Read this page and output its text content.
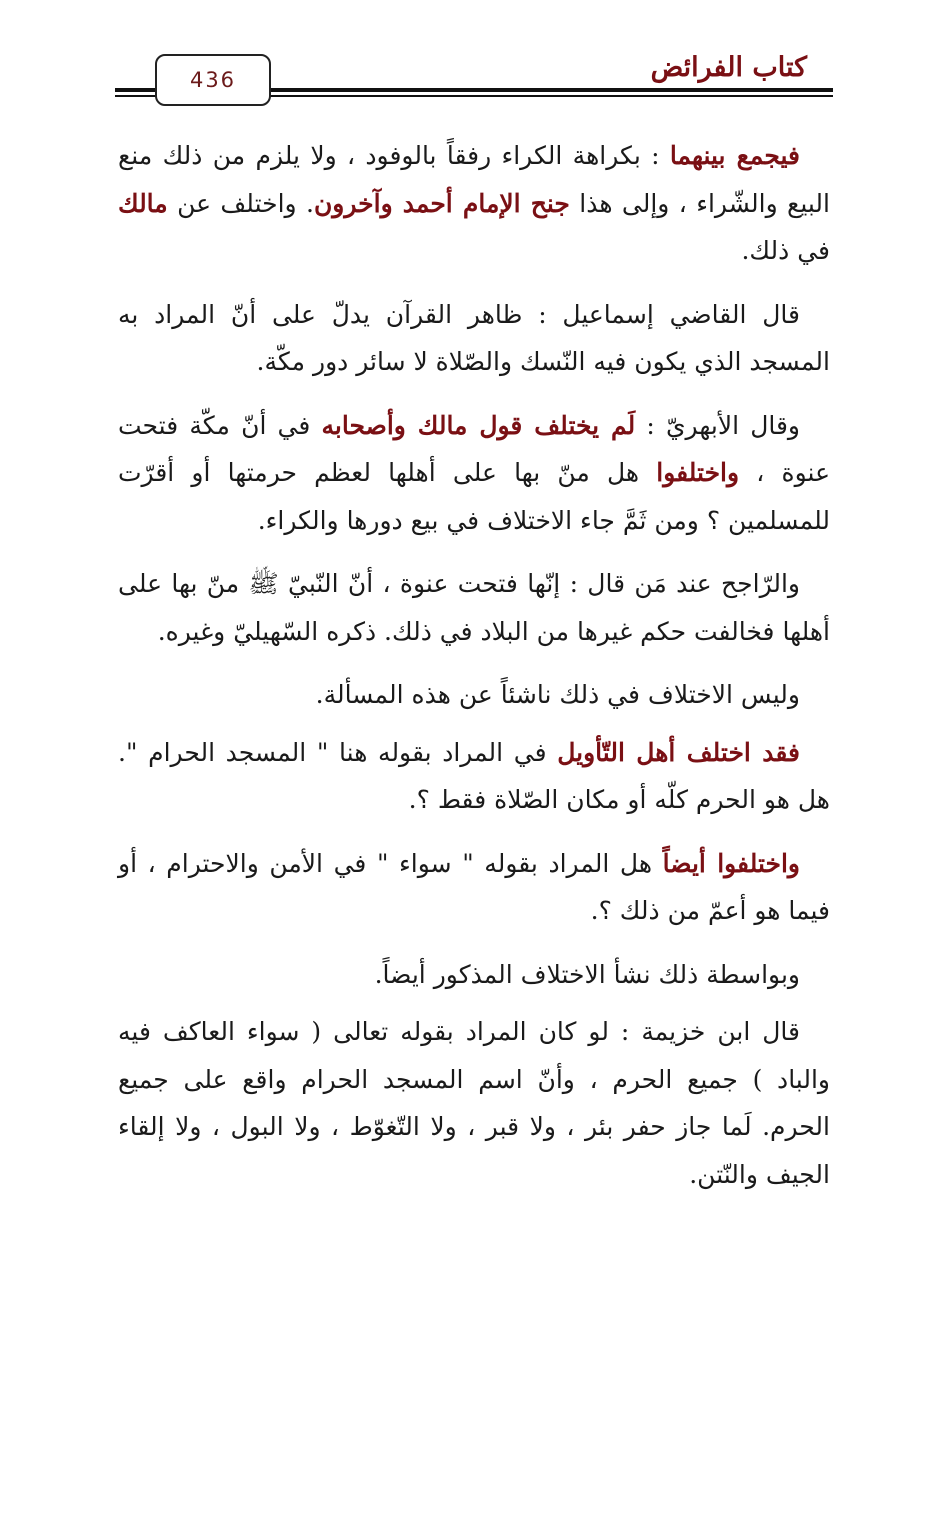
كتاب الفرائض
436

فيجمع بينهما : بكراهة الكراء رفقاً بالوفود ، ولا يلزم من ذلك منع البيع والشّراء ، وإلى هذا جنح الإمام أحمد وآخرون. واختلف عن مالك في ذلك.

قال القاضي إسماعيل : ظاهر القرآن يدلّ على أنّ المراد به المسجد الذي يكون فيه النّسك والصّلاة لا سائر دور مكّة.

وقال الأبهريّ : لَم يختلف قول مالك وأصحابه في أنّ مكّة فتحت عنوة ، واختلفوا هل منّ بها على أهلها لعظم حرمتها أو أقرّت للمسلمين ؟ ومن ثَمَّ جاء الاختلاف في بيع دورها والكراء.

والرّاجح عند مَن قال : إنّها فتحت عنوة ، أنّ النّبيّ ﷺ منّ بها على أهلها فخالفت حكم غيرها من البلاد في ذلك. ذكره السّهيليّ وغيره.

وليس الاختلاف في ذلك ناشئاً عن هذه المسألة.

فقد اختلف أهل التّأويل في المراد بقوله هنا " المسجد الحرام ". هل هو الحرم كلّه أو مكان الصّلاة فقط ؟.

واختلفوا أيضاً هل المراد بقوله " سواء " في الأمن والاحترام ، أو فيما هو أعمّ من ذلك ؟.

وبواسطة ذلك نشأ الاختلاف المذكور أيضاً.

قال ابن خزيمة : لو كان المراد بقوله تعالى ( سواء العاكف فيه والباد ) جميع الحرم ، وأنّ اسم المسجد الحرام واقع على جميع الحرم. لَما جاز حفر بئر ، ولا قبر ، ولا التّغوّط ، ولا البول ، ولا إلقاء الجيف والنّتن.
